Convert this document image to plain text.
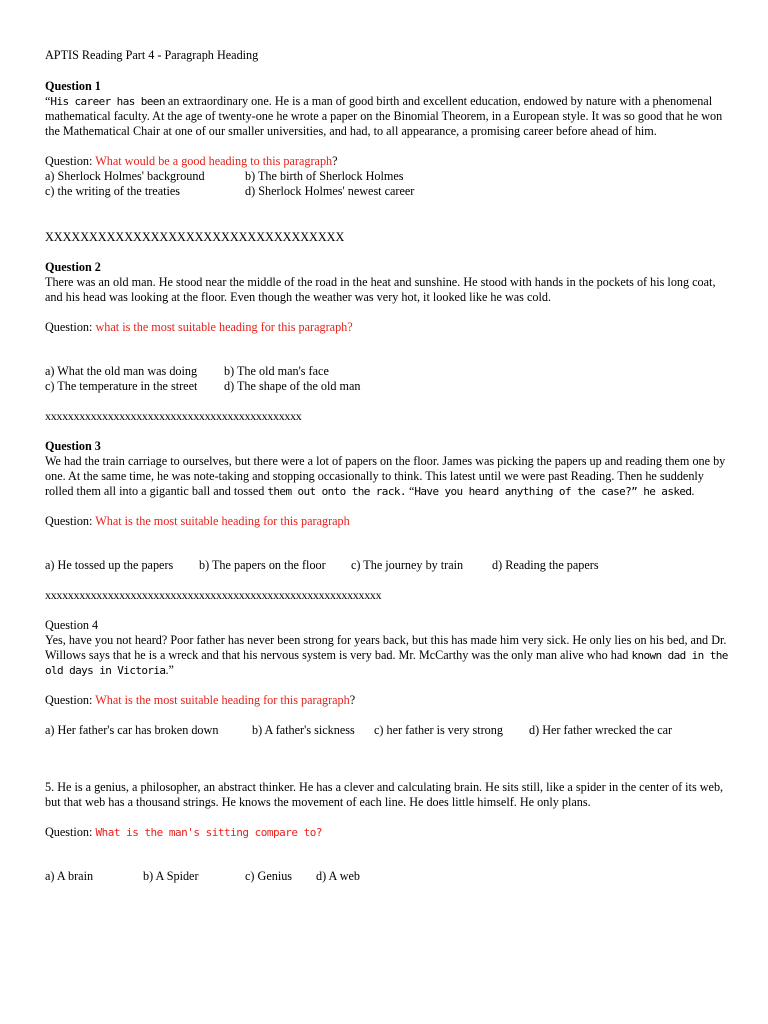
APTIS Reading Part 4 - Paragraph Heading
Question 1
“His career has been an extraordinary one. He is a man of good birth and excellent education, endowed by nature with a phenomenal mathematical faculty. At the age of twenty-one he wrote a paper on the Binomial Theorem, in a European style. It was so good that he won the Mathematical Chair at one of our smaller universities, and had, to all appearance, a promising career before ahead of him.
Question: What would be a good heading to this paragraph?
a) Sherlock Holmes' background	b) The birth of Sherlock Holmes
c) the writing of the treaties	d) Sherlock Holmes' newest career
XXXXXXXXXXXXXXXXXXXXXXXXXXXXXXXXXX
Question 2
There was an old man. He stood near the middle of the road in the heat and sunshine. He stood with hands in the pockets of his long coat, and his head was looking at the floor. Even though the weather was very hot, it looked like he was cold.
Question: what is the most suitable heading for this paragraph?
a) What the old man was doing	b) The old man's face
c) The temperature in the street	d) The shape of the old man
xxxxxxxxxxxxxxxxxxxxxxxxxxxxxxxxxxxxxxxxxxxxx
Question 3
We had the train carriage to ourselves, but there were a lot of papers on the floor. James was picking the papers up and reading them one by one. At the same time, he was note-taking and stopping occasionally to think. This latest until we were past Reading. Then he suddenly rolled them all into a gigantic ball and tossed them out onto the rack. “Have you heard anything of the case?” he asked.
Question: What is the most suitable heading for this paragraph
a) He tossed up the papers	b) The papers on the floor	c) The journey by train	d) Reading the papers
xxxxxxxxxxxxxxxxxxxxxxxxxxxxxxxxxxxxxxxxxxxxxxxxxxxxxxxxxxx
Question 4
Yes, have you not heard? Poor father has never been strong for years back, but this has made him very sick. He only lies on his bed, and Dr. Willows says that he is a wreck and that his nervous system is very bad. Mr. McCarthy was the only man alive who had known dad in the old days in Victoria.”
Question: What is the most suitable heading for this paragraph?
a) Her father's car has broken down	b) A father's sickness	c) her father is very strong	d) Her father wrecked the car
5. He is a genius, a philosopher, an abstract thinker. He has a clever and calculating brain. He sits still, like a spider in the center of its web, but that web has a thousand strings. He knows the movement of each line. He does little himself. He only plans.
Question: What is the man's sitting compare to?
a) A brain	b) A Spider	c) Genius	d) A web
